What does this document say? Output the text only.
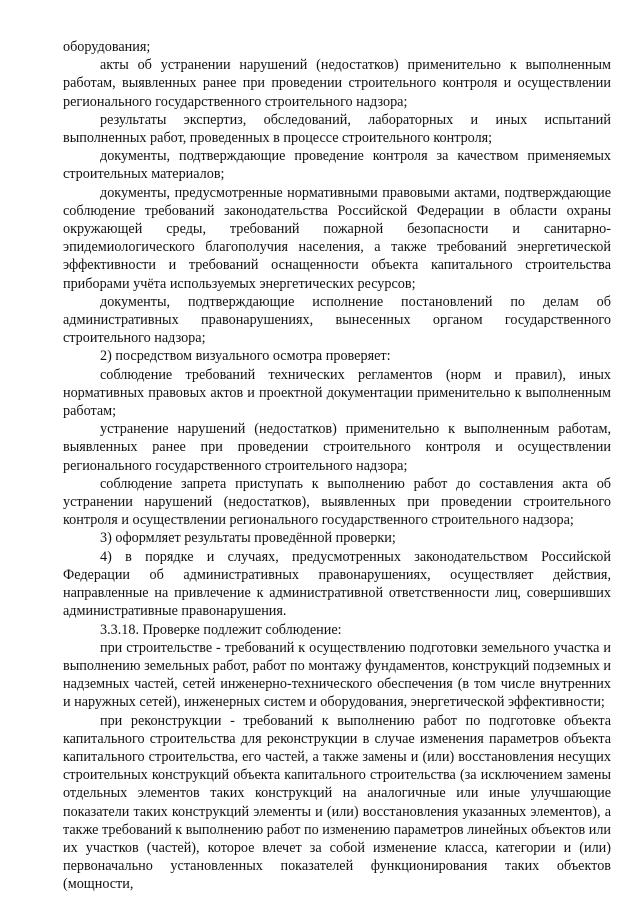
оборудования;

акты об устранении нарушений (недостатков) применительно к выполненным работам, выявленных ранее при проведении строительного контроля и осуществлении регионального государственного строительного надзора;

результаты экспертиз, обследований, лабораторных и иных испытаний выполненных работ, проведенных в процессе строительного контроля;

документы, подтверждающие проведение контроля за качеством применяемых строительных материалов;

документы, предусмотренные нормативными правовыми актами, подтверждающие соблюдение требований законодательства Российской Федерации в области охраны окружающей среды, требований пожарной безопасности и санитарно-эпидемиологического благополучия населения, а также требований энергетической эффективности и требований оснащенности объекта капитального строительства приборами учёта используемых энергетических ресурсов;

документы, подтверждающие исполнение постановлений по делам об административных правонарушениях, вынесенных органом государственного строительного надзора;

2) посредством визуального осмотра проверяет:

соблюдение требований технических регламентов (норм и правил), иных нормативных правовых актов и проектной документации применительно к выполненным работам;

устранение нарушений (недостатков) применительно к выполненным работам, выявленных ранее при проведении строительного контроля и осуществлении регионального государственного строительного надзора;

соблюдение запрета приступать к выполнению работ до составления акта об устранении нарушений (недостатков), выявленных при проведении строительного контроля и осуществлении регионального государственного строительного надзора;

3) оформляет результаты проведённой проверки;

4) в порядке и случаях, предусмотренных законодательством Российской Федерации об административных правонарушениях, осуществляет действия, направленные на привлечение к административной ответственности лиц, совершивших административные правонарушения.

3.3.18. Проверке подлежит соблюдение:

при строительстве - требований к осуществлению подготовки земельного участка и выполнению земельных работ, работ по монтажу фундаментов, конструкций подземных и надземных частей, сетей инженерно-технического обеспечения (в том числе внутренних и наружных сетей), инженерных систем и оборудования, энергетической эффективности;

при реконструкции - требований к выполнению работ по подготовке объекта капитального строительства для реконструкции в случае изменения параметров объекта капитального строительства, его частей, а также замены и (или) восстановления несущих строительных конструкций объекта капитального строительства (за исключением замены отдельных элементов таких конструкций на аналогичные или иные улучшающие показатели таких конструкций элементы и (или) восстановления указанных элементов), а также требований к выполнению работ по изменению параметров линейных объектов или их участков (частей), которое влечет за собой изменение класса, категории и (или) первоначально установленных показателей функционирования таких объектов (мощности,
